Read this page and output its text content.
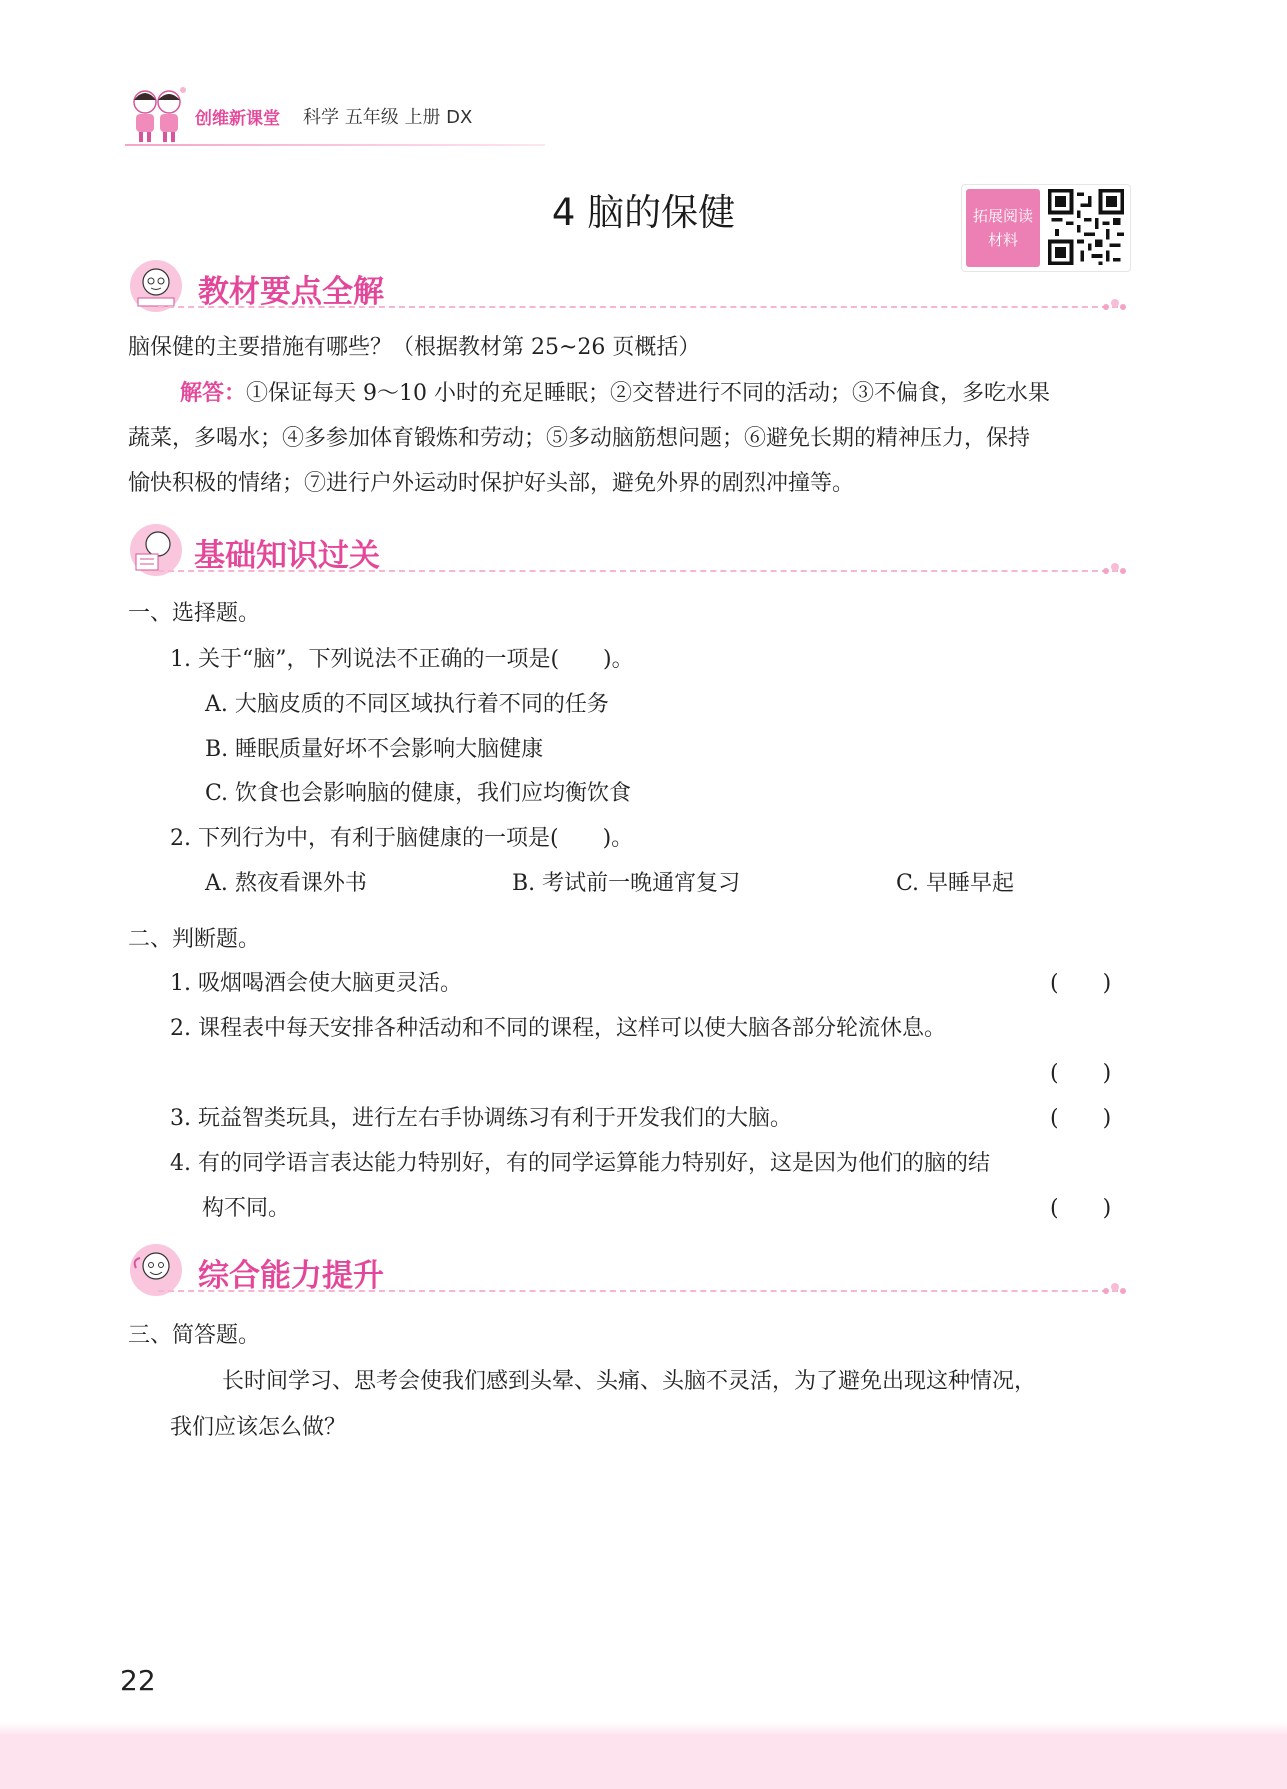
创维新课堂 科学 五年级 上册 DX
4 脑的保健	拓展阅读材料
教材要点全解
脑保健的主要措施有哪些？（根据教材第 25~26 页概括）
解答：①保证每天 9～10 小时的充足睡眠；②交替进行不同的活动；③不偏食，多吃水果
蔬菜，多喝水；④多参加体育锻炼和劳动；⑤多动脑筋想问题；⑥避免长期的精神压力，保持
愉快积极的情绪；⑦进行户外运动时保护好头部，避免外界的剧烈冲撞等。
基础知识过关
一、选择题。
1. 关于“脑”，下列说法不正确的一项是(　　)。
A. 大脑皮质的不同区域执行着不同的任务
B. 睡眠质量好坏不会影响大脑健康
C. 饮食也会影响脑的健康，我们应均衡饮食
2. 下列行为中，有利于脑健康的一项是(　　)。
A. 熬夜看课外书	B. 考试前一晚通宵复习	C. 早睡早起
二、判断题。
1. 吸烟喝酒会使大脑更灵活。	(　　)
2. 课程表中每天安排各种活动和不同的课程，这样可以使大脑各部分轮流休息。
(　　)
3. 玩益智类玩具，进行左右手协调练习有利于开发我们的大脑。	(　　)
4. 有的同学语言表达能力特别好，有的同学运算能力特别好，这是因为他们的脑的结
构不同。	(　　)
综合能力提升
三、简答题。
长时间学习、思考会使我们感到头晕、头痛、头脑不灵活，为了避免出现这种情况，
我们应该怎么做？
22
